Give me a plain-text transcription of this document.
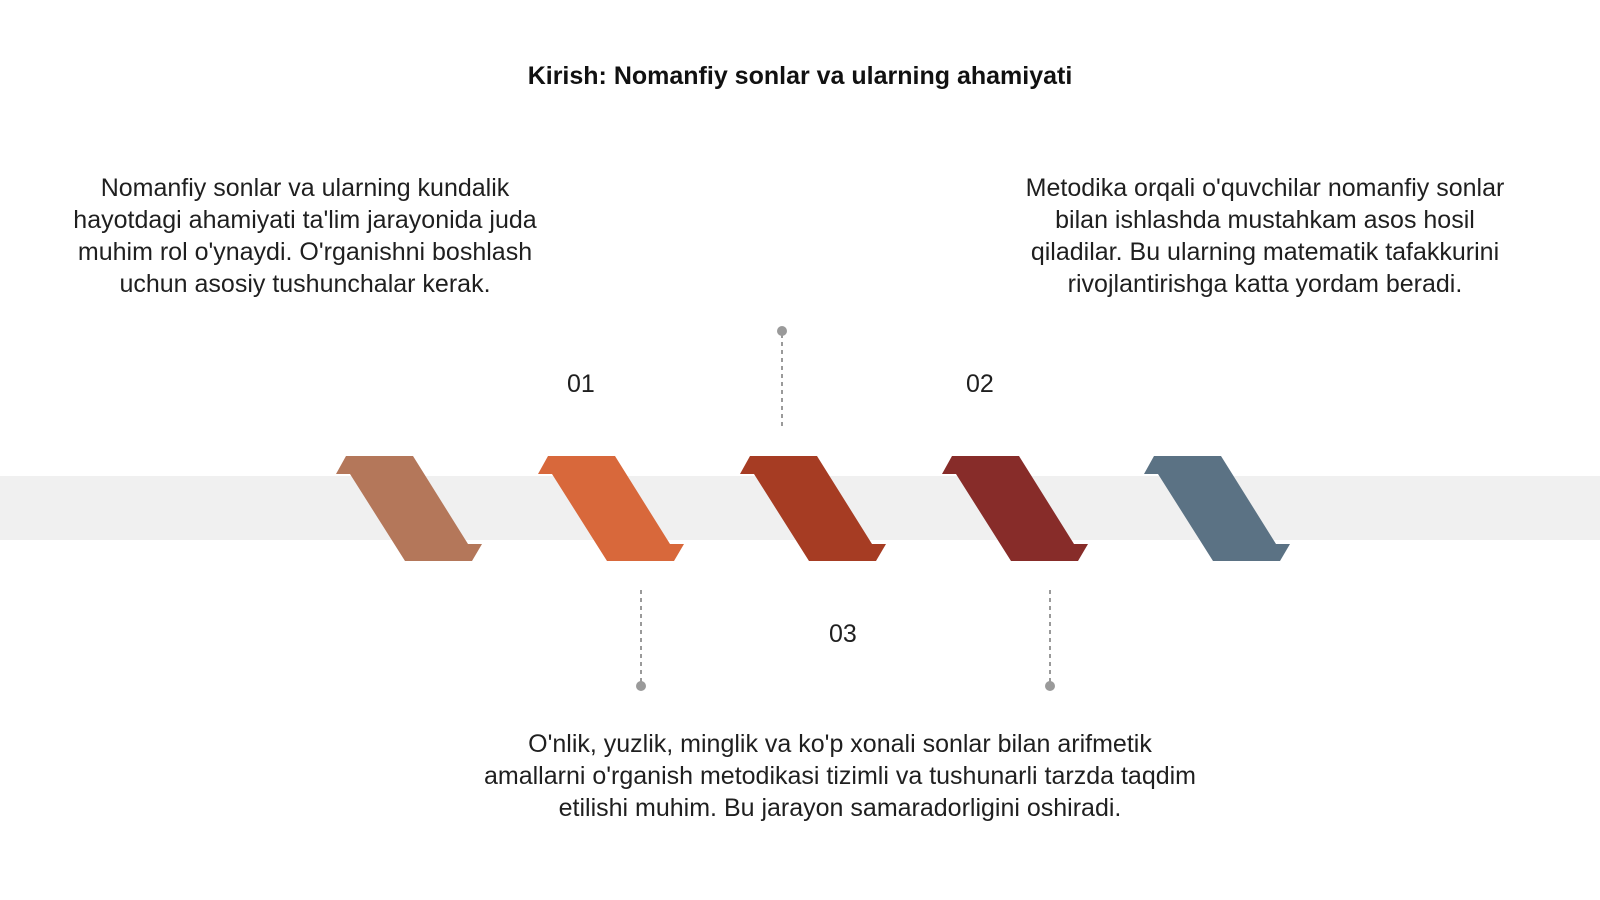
Kirish: Nomanfiy sonlar va ularning ahamiyati
Nomanfiy sonlar va ularning kundalik hayotdagi ahamiyati ta'lim jarayonida juda muhim rol o'ynaydi. O'rganishni boshlash uchun asosiy tushunchalar kerak.
Metodika orqali o'quvchilar nomanfiy sonlar bilan ishlashda mustahkam asos hosil qiladilar. Bu ularning matematik tafakkurini rivojlantirishga katta yordam beradi.
O'nlik, yuzlik, minglik va ko'p xonali sonlar bilan arifmetik amallarni o'rganish metodikasi tizimli va tushunarli tarzda taqdim etilishi muhim. Bu jarayon samaradorligini oshiradi.
01	02
03
